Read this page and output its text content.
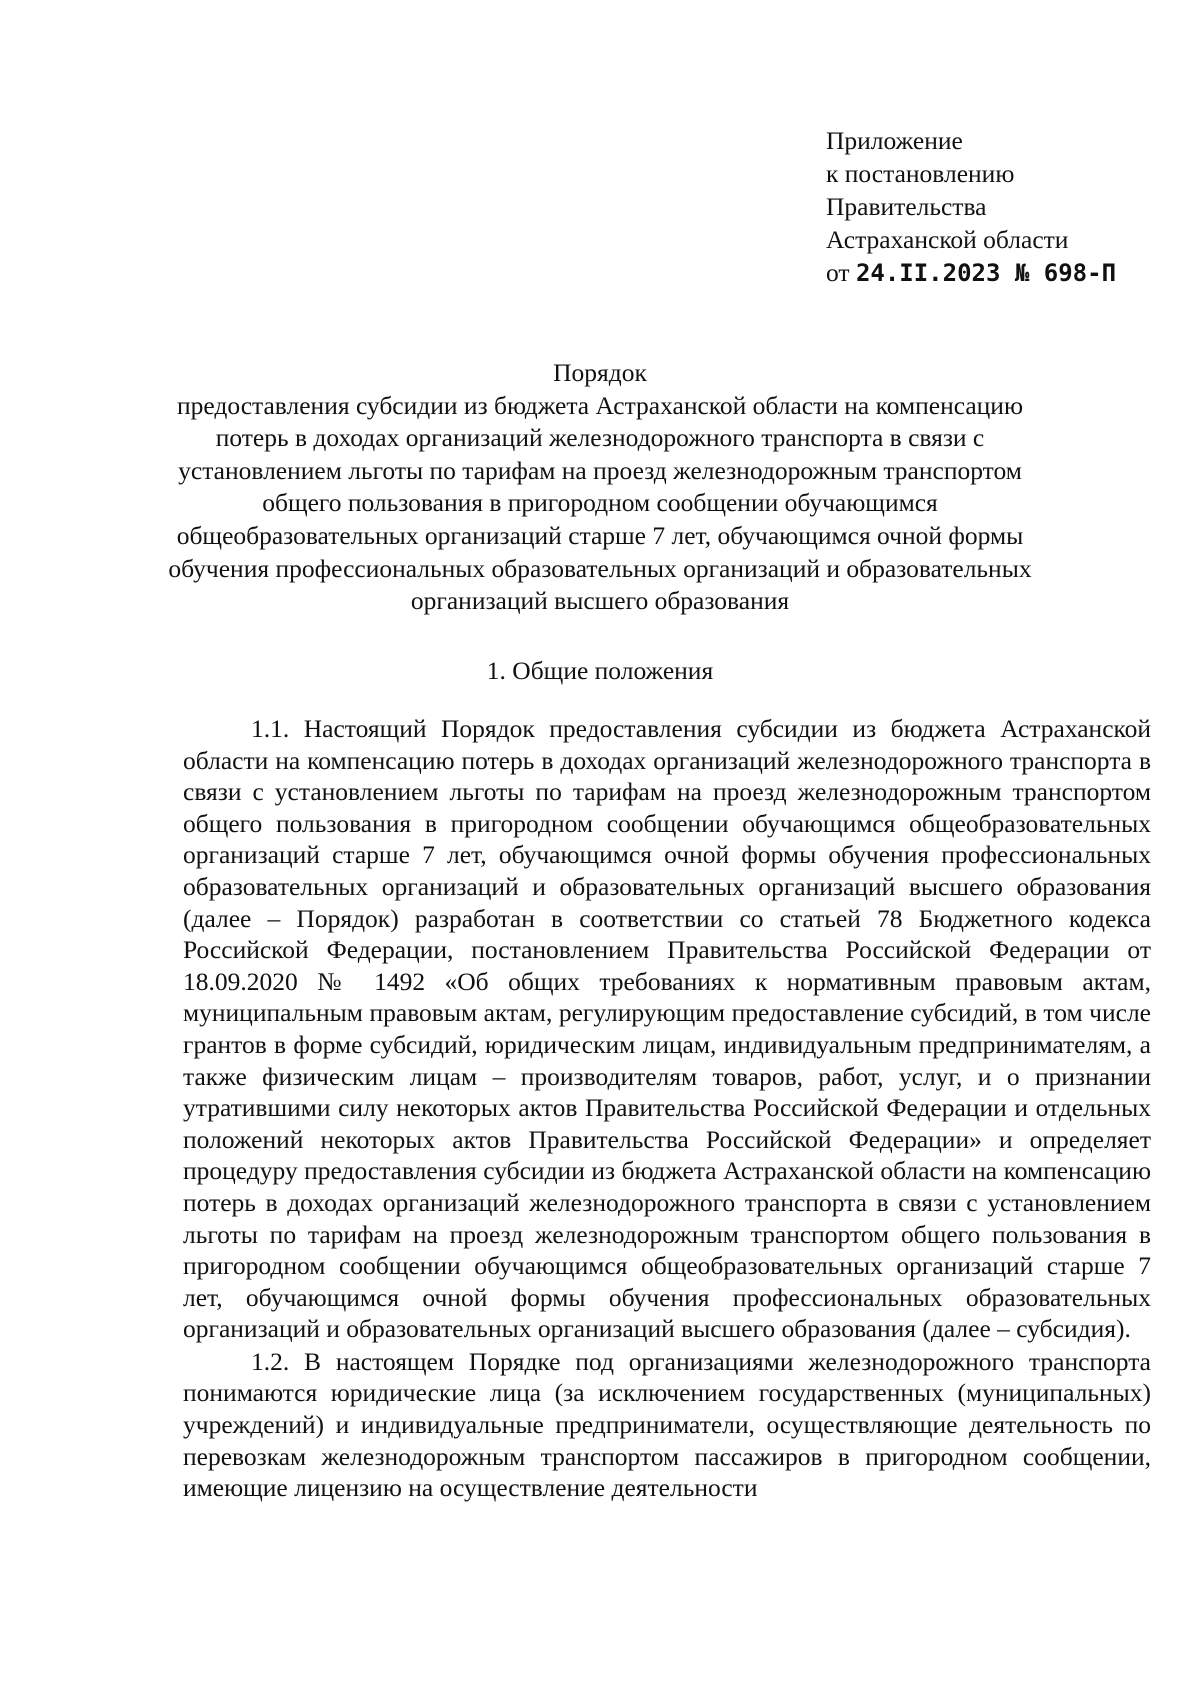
Приложение
к постановлению
Правительства
Астраханской области
от 24.II.2023 № 698-П
Порядок
предоставления субсидии из бюджета Астраханской области на компенсацию потерь в доходах организаций железнодорожного транспорта в связи с установлением льготы по тарифам на проезд железнодорожным транспортом общего пользования в пригородном сообщении обучающимся общеобразовательных организаций старше 7 лет, обучающимся очной формы обучения профессиональных образовательных организаций и образовательных организаций высшего образования
1. Общие положения

1.1. Настоящий Порядок предоставления субсидии из бюджета Астраханской области на компенсацию потерь в доходах организаций железнодорожного транспорта в связи с установлением льготы по тарифам на проезд железнодорожным транспортом общего пользования в пригородном сообщении обучающимся общеобразовательных организаций старше 7 лет, обучающимся очной формы обучения профессиональных образовательных организаций и образовательных организаций высшего образования (далее – Порядок) разработан в соответствии со статьей 78 Бюджетного кодекса Российской Федерации, постановлением Правительства Российской Федерации от 18.09.2020 № 1492 «Об общих требованиях к нормативным правовым актам, муниципальным правовым актам, регулирующим предоставление субсидий, в том числе грантов в форме субсидий, юридическим лицам, индивидуальным предпринимателям, а также физическим лицам – производителям товаров, работ, услуг, и о признании утратившими силу некоторых актов Правительства Российской Федерации и отдельных положений некоторых актов Правительства Российской Федерации» и определяет процедуру предоставления субсидии из бюджета Астраханской области на компенсацию потерь в доходах организаций железнодорожного транспорта в связи с установлением льготы по тарифам на проезд железнодорожным транспортом общего пользования в пригородном сообщении обучающимся общеобразовательных организаций старше 7 лет, обучающимся очной формы обучения профессиональных образовательных организаций и образовательных организаций высшего образования (далее – субсидия).

1.2. В настоящем Порядке под организациями железнодорожного транспорта понимаются юридические лица (за исключением государственных (муниципальных) учреждений) и индивидуальные предприниматели, осуществляющие деятельность по перевозкам железнодорожным транспортом пассажиров в пригородном сообщении, имеющие лицензию на осуществление деятельности
